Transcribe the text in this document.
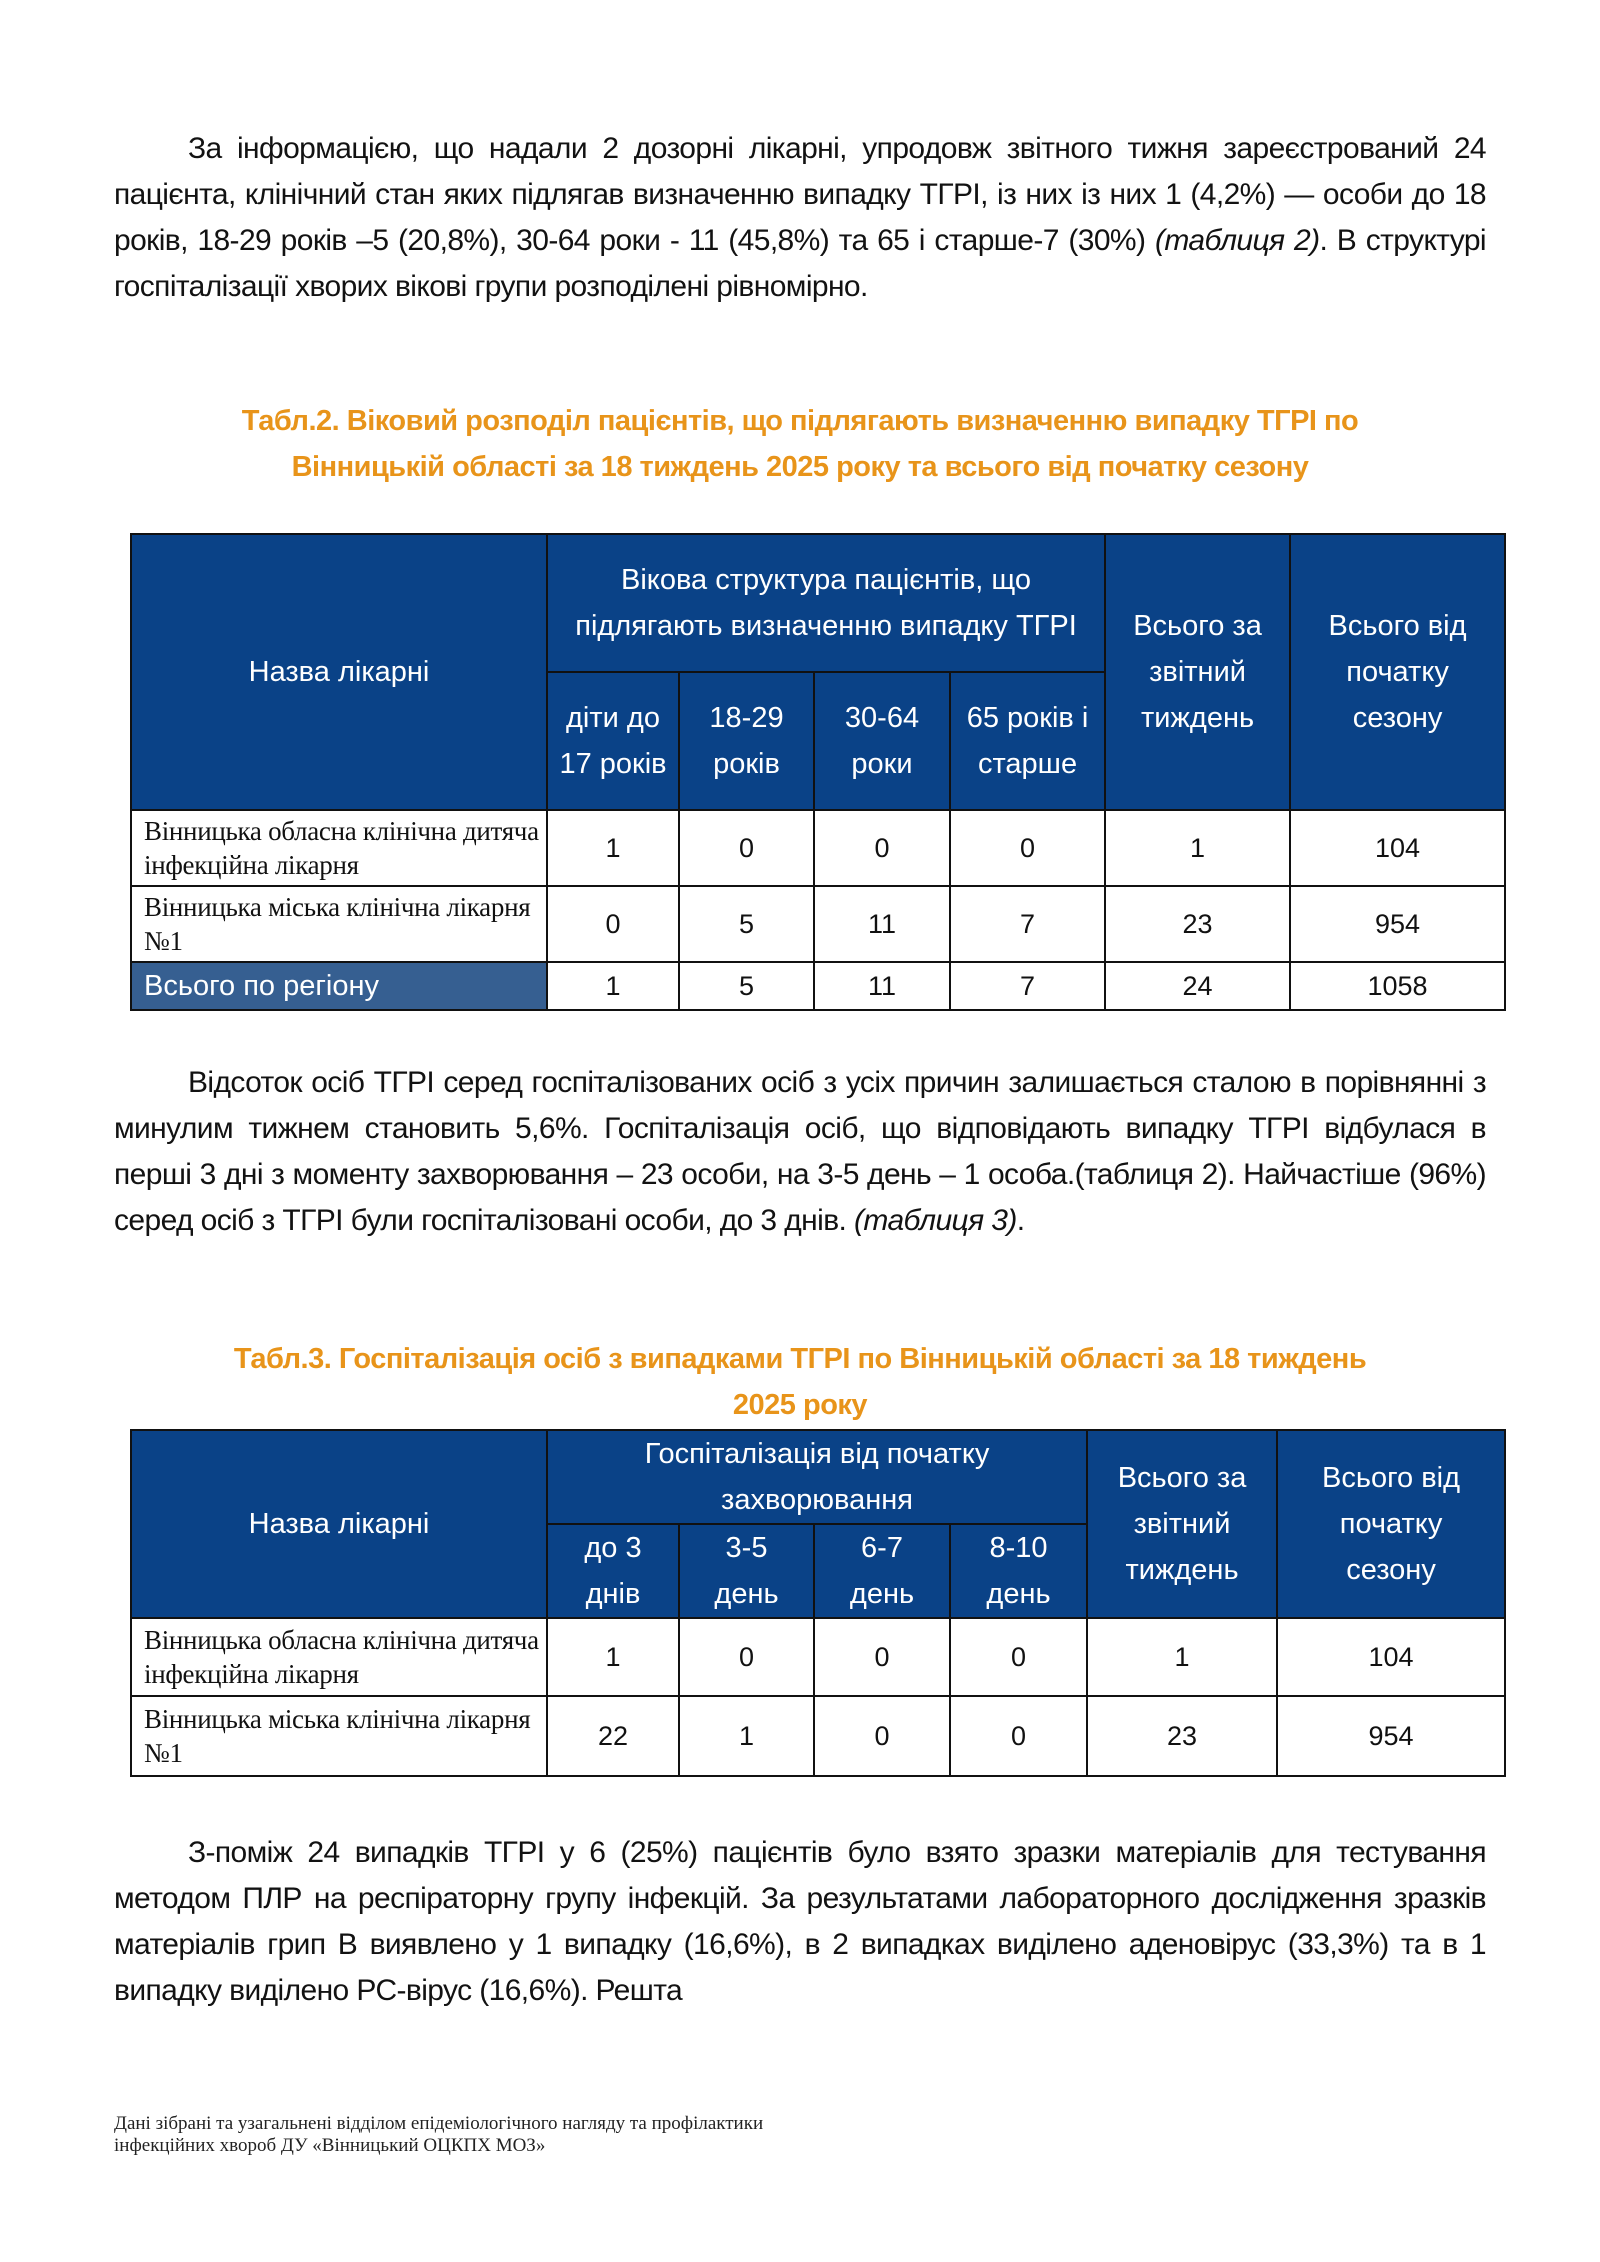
За інформацією, що надали 2 дозорні лікарні, упродовж звітного тижня зареєстрований 24 пацієнта, клінічний стан яких підлягав визначенню випадку ТГРІ, із них із них 1 (4,2%) — особи до 18 років, 18-29 років –5 (20,8%), 30-64 роки - 11 (45,8%) та 65 і старше-7 (30%) (таблиця 2). В структурі госпіталізації хворих вікові групи розподілені рівномірно.
Табл.2. Віковий розподіл пацієнтів, що підлягають визначенню випадку ТГРІ по
Вінницькій області за 18 тиждень 2025 року та всього від початку сезону
Назва лікарні	Вікова структура пацієнтів, що підлягають визначенню випадку ТГРІ				Всього за звітний тиждень	Всього від початку сезону
	діти до 17 років	18-29 років	30-64 роки	65 років і старше		
Вінницька обласна клінічна дитяча інфекційна лікарня	1	0	0	0	1	104
Вінницька міська клінічна лікарня №1	0	5	11	7	23	954
Всього по регіону	1	5	11	7	24	1058
Відсоток осіб ТГРІ серед госпіталізованих осіб з усіх причин залишається сталою в порівнянні з минулим тижнем становить 5,6%. Госпіталізація осіб, що відповідають випадку ТГРІ відбулася в перші 3 дні з моменту захворювання – 23 особи, на 3-5 день – 1 особа.(таблиця 2). Найчастіше (96%) серед осіб з ТГРІ були госпіталізовані особи, до 3 днів. (таблиця 3).
Табл.3. Госпіталізація осіб з випадками ТГРІ по Вінницькій області за 18 тиждень
2025 року
Назва лікарні	Госпіталізація від початку захворювання				Всього за звітний тиждень	Всього від початку сезону
	до 3 днів	3-5 день	6-7 день	8-10 день		
Вінницька обласна клінічна дитяча інфекційна лікарня	1	0	0	0	1	104
Вінницька міська клінічна лікарня №1	22	1	0	0	23	954
З-поміж 24 випадків ТГРІ у 6 (25%) пацієнтів було взято зразки матеріалів для тестування методом ПЛР на респіраторну групу інфекцій. За результатами лабораторного дослідження зразків матеріалів грип В виявлено у 1 випадку (16,6%), в 2 випадках виділено аденовірус (33,3%) та в 1 випадку виділено РС-вірус (16,6%). Решта
Дані зібрані та узагальнені відділом епідеміологічного нагляду та профілактики
інфекційних хвороб ДУ «Вінницький ОЦКПХ МОЗ»
